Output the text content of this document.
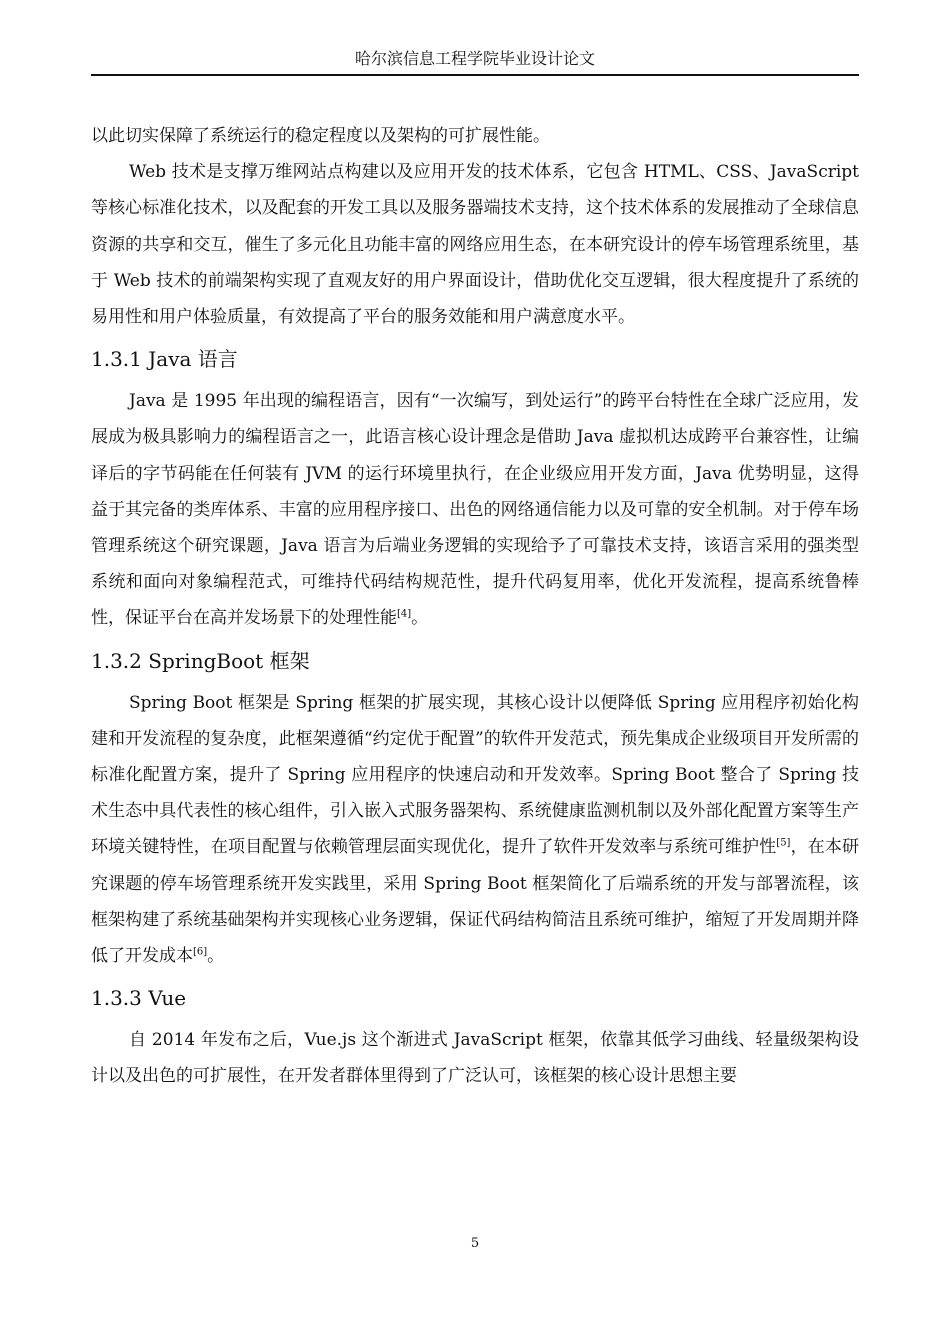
哈尔滨信息工程学院毕业设计论文

以此切实保障了系统运行的稳定程度以及架构的可扩展性能。

Web 技术是支撑万维网站点构建以及应用开发的技术体系，它包含 HTML、CSS、JavaScript 等核心标准化技术，以及配套的开发工具以及服务器端技术支持，这个技术体系的发展推动了全球信息资源的共享和交互，催生了多元化且功能丰富的网络应用生态，在本研究设计的停车场管理系统里，基于 Web 技术的前端架构实现了直观友好的用户界面设计，借助优化交互逻辑，很大程度提升了系统的易用性和用户体验质量，有效提高了平台的服务效能和用户满意度水平。

1.3.1 Java 语言

Java 是 1995 年出现的编程语言，因有“一次编写，到处运行”的跨平台特性在全球广泛应用，发展成为极具影响力的编程语言之一，此语言核心设计理念是借助 Java 虚拟机达成跨平台兼容性，让编译后的字节码能在任何装有 JVM 的运行环境里执行，在企业级应用开发方面，Java 优势明显，这得益于其完备的类库体系、丰富的应用程序接口、出色的网络通信能力以及可靠的安全机制。对于停车场管理系统这个研究课题，Java 语言为后端业务逻辑的实现给予了可靠技术支持，该语言采用的强类型系统和面向对象编程范式，可维持代码结构规范性，提升代码复用率，优化开发流程，提高系统鲁棒性，保证平台在高并发场景下的处理性能[4]。

1.3.2 SpringBoot 框架

Spring Boot 框架是 Spring 框架的扩展实现，其核心设计以便降低 Spring 应用程序初始化构建和开发流程的复杂度，此框架遵循“约定优于配置”的软件开发范式，预先集成企业级项目开发所需的标准化配置方案，提升了 Spring 应用程序的快速启动和开发效率。Spring Boot 整合了 Spring 技术生态中具代表性的核心组件，引入嵌入式服务器架构、系统健康监测机制以及外部化配置方案等生产环境关键特性，在项目配置与依赖管理层面实现优化，提升了软件开发效率与系统可维护性[5]，在本研究课题的停车场管理系统开发实践里，采用 Spring Boot 框架简化了后端系统的开发与部署流程，该框架构建了系统基础架构并实现核心业务逻辑，保证代码结构简洁且系统可维护，缩短了开发周期并降低了开发成本[6]。

1.3.3 Vue

自 2014 年发布之后，Vue.js 这个渐进式 JavaScript 框架，依靠其低学习曲线、轻量级架构设计以及出色的可扩展性，在开发者群体里得到了广泛认可，该框架的核心设计思想主要

5
